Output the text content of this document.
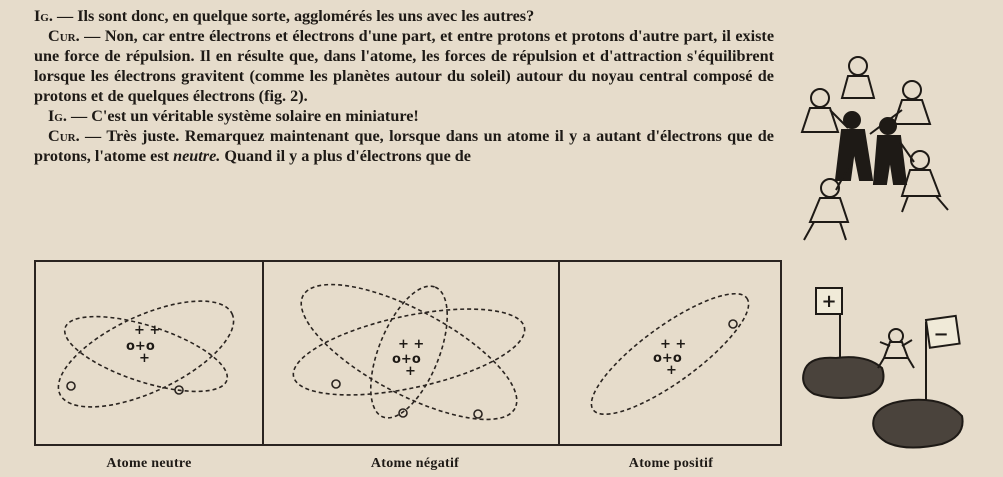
Ig. — Ils sont donc, en quelque sorte, agglomérés les uns avec les autres?

Cur. — Non, car entre électrons et électrons d'une part, et entre protons et protons d'autre part, il existe une force de répulsion. Il en résulte que, dans l'atome, les forces de répulsion et d'attraction s'équilibrent lorsque les électrons gravitent (comme les planètes autour du soleil) autour du noyau central composé de protons et de quelques électrons (fig. 2).

Ig. — C'est un véritable système solaire en miniature!

Cur. — Très juste. Remarquez maintenant que, lorsque dans un atome il y a autant d'électrons que de protons, l'atome est neutre. Quand il y a plus d'électrons que de

+ +
o+o
+
+ +
o+o
+
+ +
o+o
+
Atome neutre	Atome négatif	Atome positif
+
−
